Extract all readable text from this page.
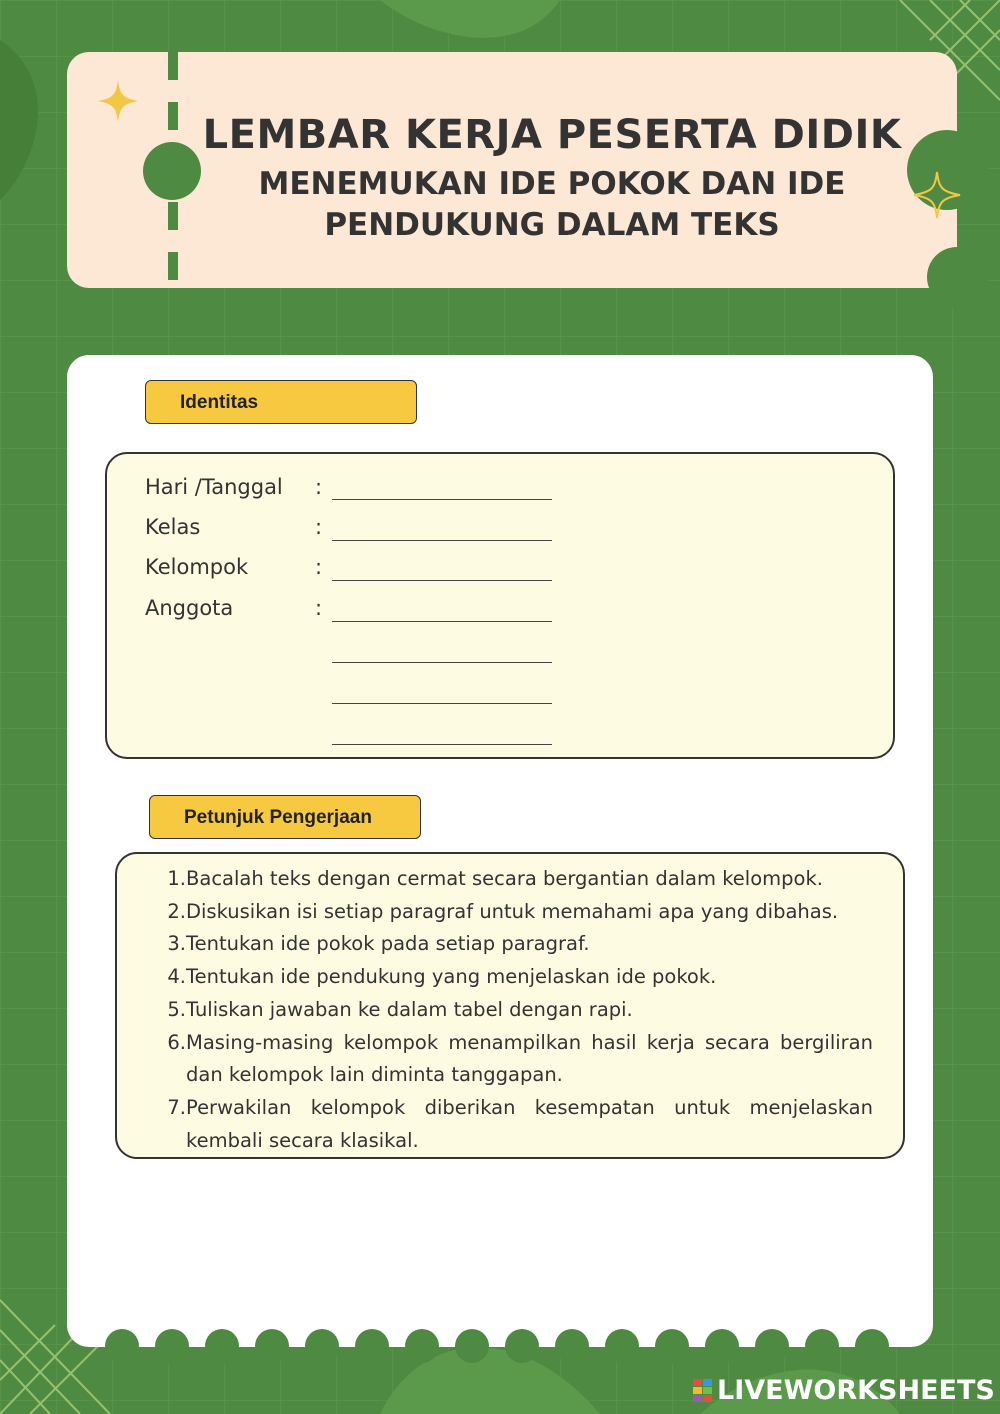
LEMBAR KERJA PESERTA DIDIK

MENEMUKAN IDE POKOK DAN IDE

PENDUKUNG DALAM TEKS

Identitas
Hari /Tanggal :
Kelas	:
Kelompok	:
Anggota	:
Petunjuk Pengerjaan
1. Bacalah teks dengan cermat secara bergantian dalam kelompok.
2. Diskusikan isi setiap paragraf untuk memahami apa yang dibahas.
3. Tentukan ide pokok pada setiap paragraf.
4. Tentukan ide pendukung yang menjelaskan ide pokok.
5. Tuliskan jawaban ke dalam tabel dengan rapi.
6. Masing-masing kelompok menampilkan hasil kerja secara bergiliran dan kelompok lain diminta tanggapan.
7. Perwakilan kelompok diberikan kesempatan untuk menjelaskan kembali secara klasikal.
LIVEWORKSHEETS
